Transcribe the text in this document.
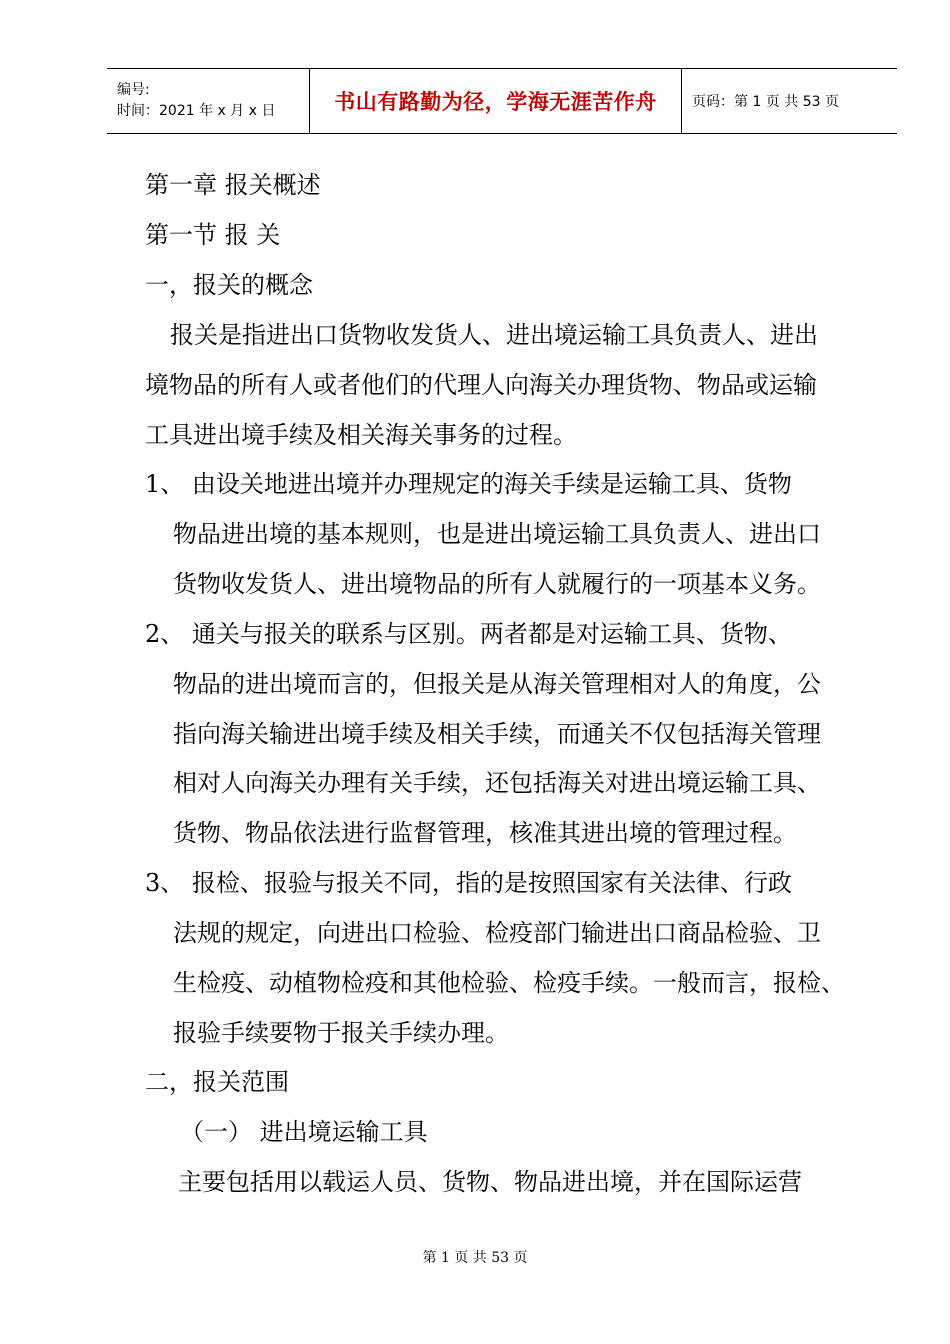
编号:
时间：2021 年 x 月 x 日	书山有路勤为径，学海无涯苦作舟	页码：第 1 页 共 53 页
第一章 报关概述
第一节 报 关
一，报关的概念
报关是指进出口货物收发货人、进出境运输工具负责人、进出
境物品的所有人或者他们的代理人向海关办理货物、物品或运输
工具进出境手续及相关海关事务的过程。
1、 由设关地进出境并办理规定的海关手续是运输工具、货物
物品进出境的基本规则，也是进出境运输工具负责人、进出口
货物收发货人、进出境物品的所有人就履行的一项基本义务。
2、 通关与报关的联系与区别。两者都是对运输工具、货物、
物品的进出境而言的，但报关是从海关管理相对人的角度，公
指向海关输进出境手续及相关手续，而通关不仅包括海关管理
相对人向海关办理有关手续，还包括海关对进出境运输工具、
货物、物品依法进行监督管理，核准其进出境的管理过程。
3、 报检、报验与报关不同，指的是按照国家有关法律、行政
法规的规定，向进出口检验、检疫部门输进出口商品检验、卫
生检疫、动植物检疫和其他检验、检疫手续。一般而言，报检、
报验手续要物于报关手续办理。
二，报关范围
（一） 进出境运输工具
主要包括用以载运人员、货物、物品进出境，并在国际运营
第 1 页 共 53 页
